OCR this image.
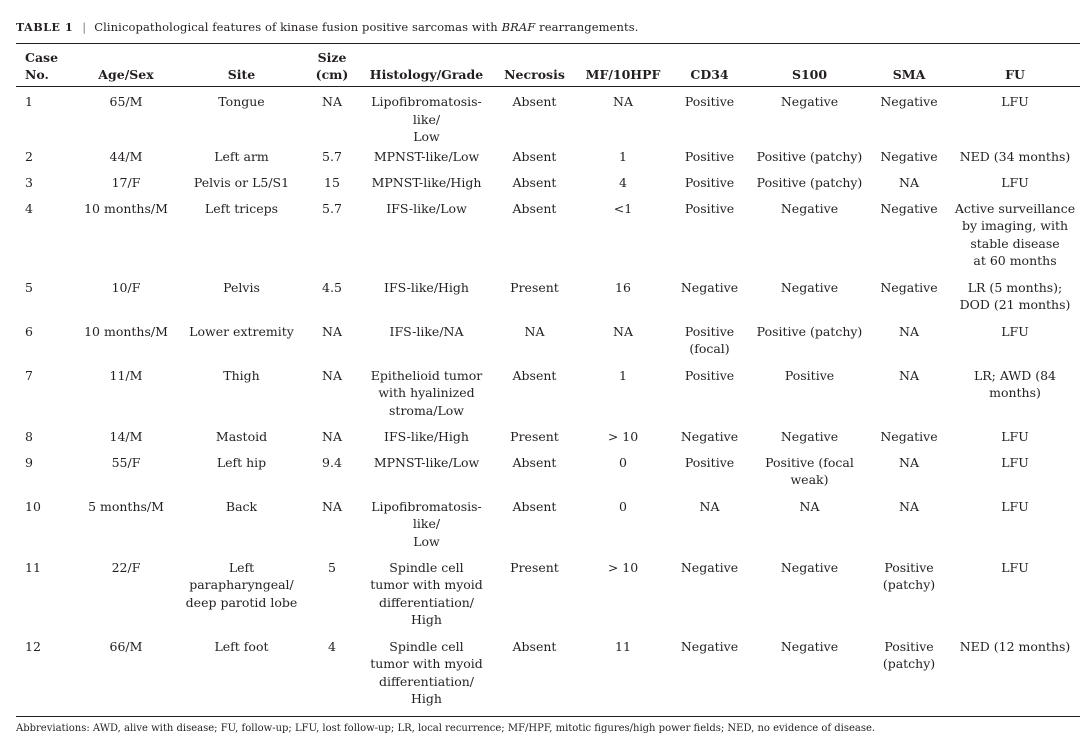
TABLE 1 | Clinicopathological features of kinase fusion positive sarcomas with BRAF rearrangements.
Case
No.	Age/Sex	Site	Size
(cm)	Histology/Grade	Necrosis	MF/10HPF	CD34	S100	SMA	FU
1	65/M	Tongue	NA	Lipofibromatosis-
like/
Low	Absent	NA	Positive	Negative	Negative	LFU
2	44/M	Left arm	5.7	MPNST-like/Low	Absent	1	Positive	Positive (patchy)	Negative	NED (34 months)
3	17/F	Pelvis or L5/S1	15	MPNST-like/High	Absent	4	Positive	Positive (patchy)	NA	LFU
4	10 months/M	Left triceps	5.7	IFS-like/Low	Absent	<1	Positive	Negative	Negative	Active surveillance
by imaging, with
stable disease
at 60 months
5	10/F	Pelvis	4.5	IFS-like/High	Present	16	Negative	Negative	Negative	LR (5 months);
DOD (21 months)
6	10 months/M	Lower extremity	NA	IFS-like/NA	NA	NA	Positive
(focal)	Positive (patchy)	NA	LFU
7	11/M	Thigh	NA	Epithelioid tumor
with hyalinized
stroma/Low	Absent	1	Positive	Positive	NA	LR; AWD (84
months)
8	14/M	Mastoid	NA	IFS-like/High	Present	> 10	Negative	Negative	Negative	LFU
9	55/F	Left hip	9.4	MPNST-like/Low	Absent	0	Positive	Positive (focal
weak)	NA	LFU
10	5 months/M	Back	NA	Lipofibromatosis-
like/
Low	Absent	0	NA	NA	NA	LFU
11	22/F	Left
parapharyngeal/
deep parotid lobe	5	Spindle cell
tumor with myoid
differentiation/
High	Present	> 10	Negative	Negative	Positive
(patchy)	LFU
12	66/M	Left foot	4	Spindle cell
tumor with myoid
differentiation/
High	Absent	11	Negative	Negative	Positive
(patchy)	NED (12 months)
Abbreviations: AWD, alive with disease; FU, follow-up; LFU, lost follow-up; LR, local recurrence; MF/HPF, mitotic figures/high power fields; NED, no evidence of disease.
